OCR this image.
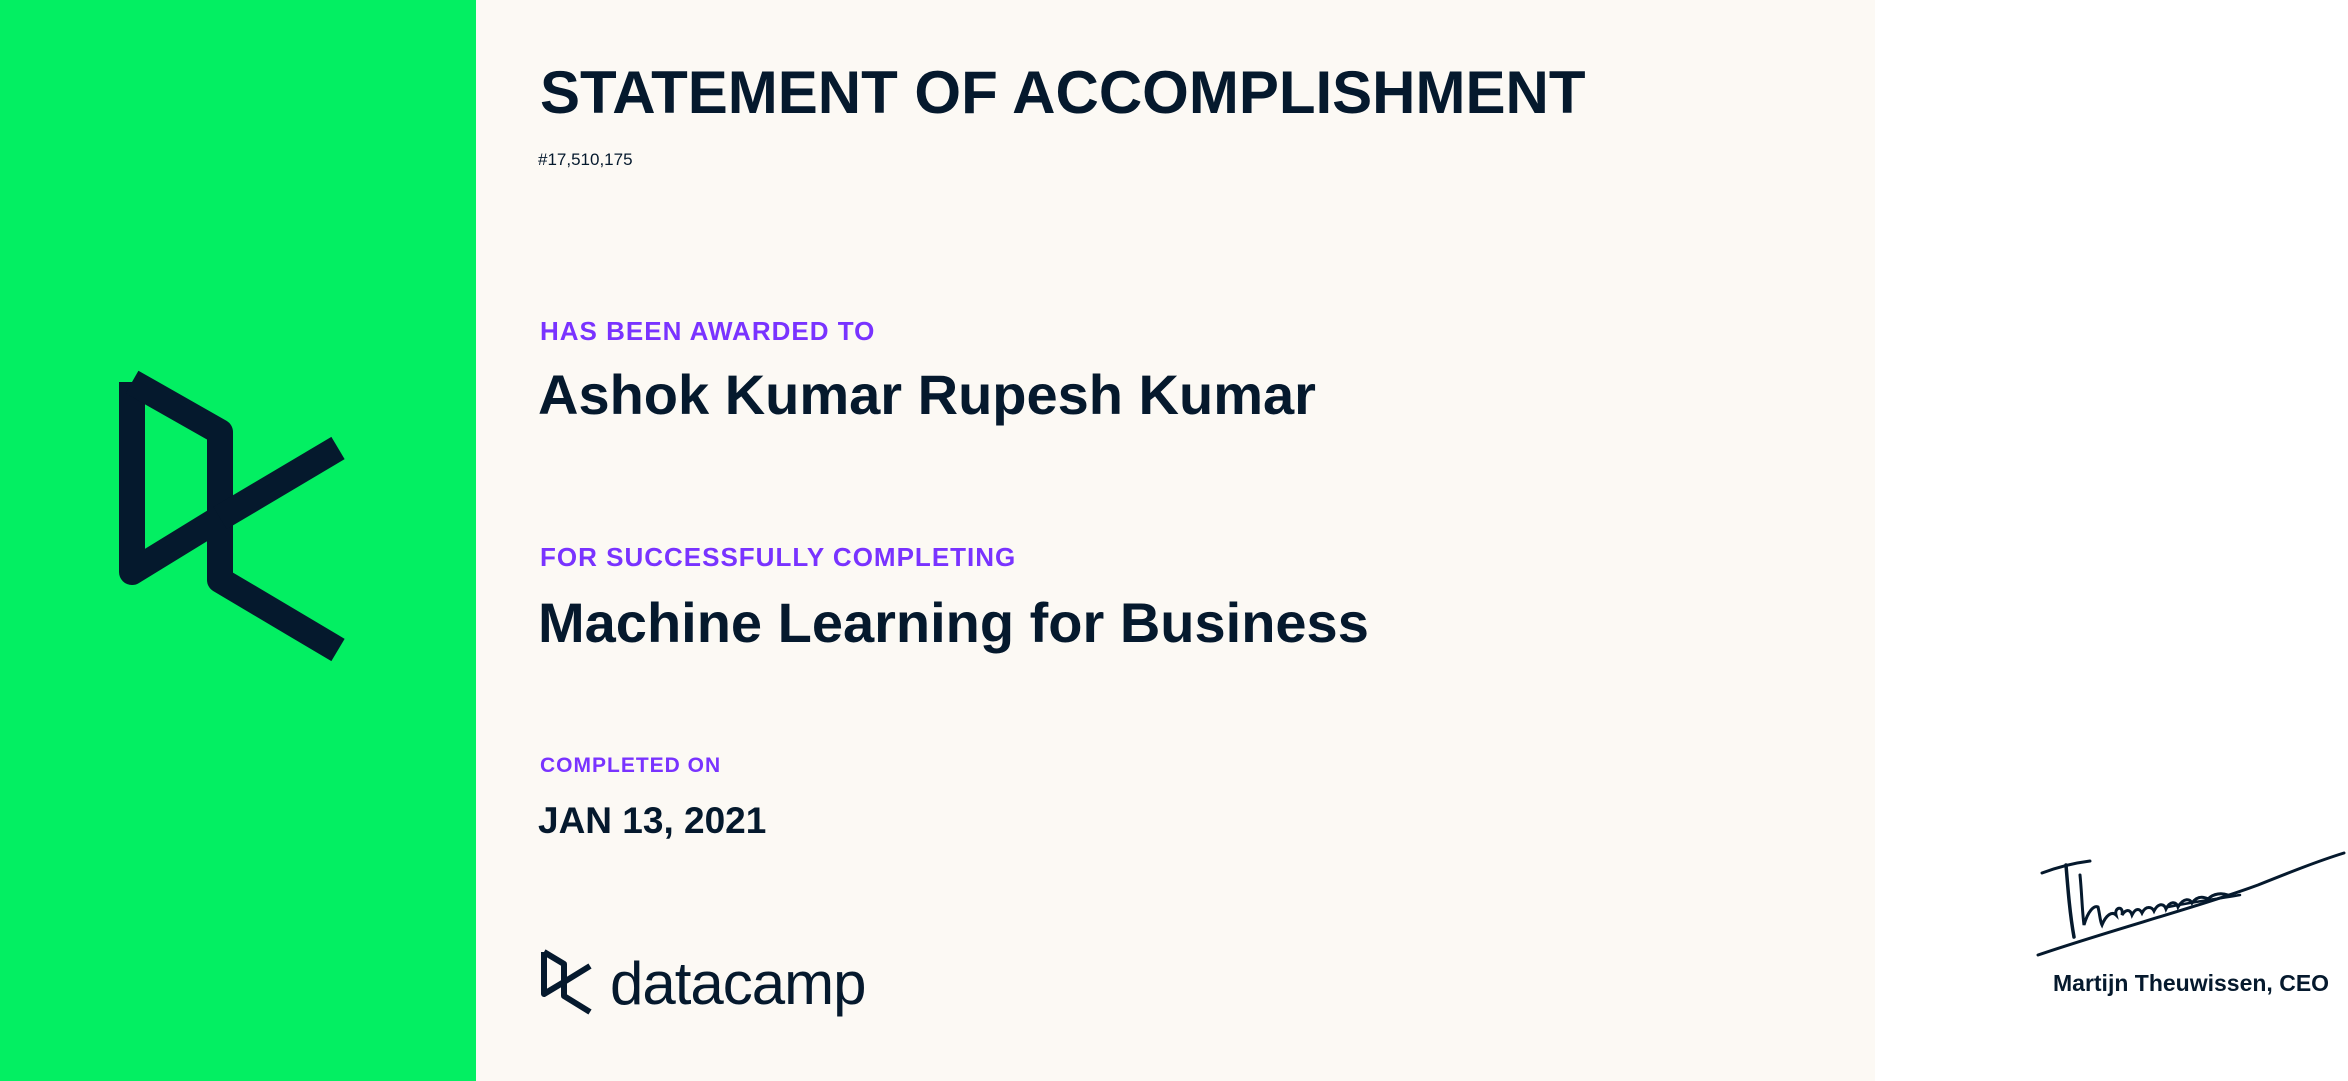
STATEMENT OF ACCOMPLISHMENT
#17,510,175
HAS BEEN AWARDED TO
Ashok Kumar Rupesh Kumar
FOR SUCCESSFULLY COMPLETING
Machine Learning for Business
COMPLETED ON
JAN 13, 2021
datacamp	Martijn Theuwissen, CEO
